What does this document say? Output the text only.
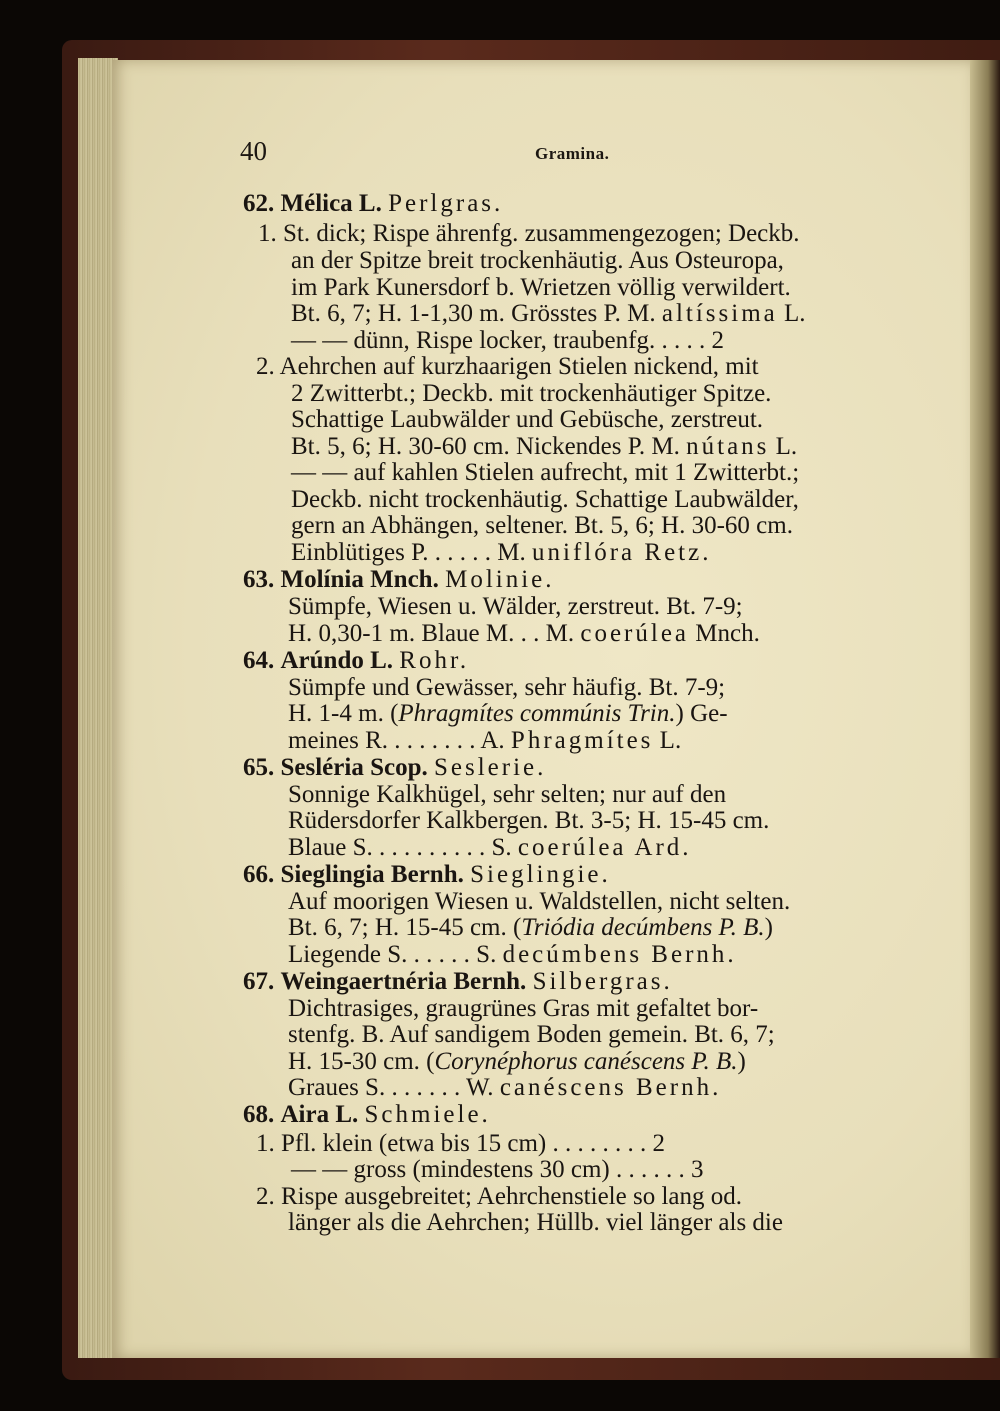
40	Gramina.
62. Mélica L. Perlgras.
1. St. dick; Rispe ährenfg. zusammengezogen; Deckb.
an der Spitze breit trockenhäutig. Aus Osteuropa,
im Park Kunersdorf b. Wrietzen völlig verwildert.
Bt. 6, 7; H. 1-1,30 m. Grösstes P. M. altíssima L.
— — dünn, Rispe locker, traubenfg. . . . . 2
2. Aehrchen auf kurzhaarigen Stielen nickend, mit
2 Zwitterbt.; Deckb. mit trockenhäutiger Spitze.
Schattige Laubwälder und Gebüsche, zerstreut.
Bt. 5, 6; H. 30-60 cm. Nickendes P. M. nútans L.
— — auf kahlen Stielen aufrecht, mit 1 Zwitterbt.;
Deckb. nicht trockenhäutig. Schattige Laubwälder,
gern an Abhängen, seltener. Bt. 5, 6; H. 30-60 cm.
Einblütiges P. . . . . . M. uniflóra Retz.
63. Molínia Mnch. Molinie.
Sümpfe, Wiesen u. Wälder, zerstreut. Bt. 7-9;
H. 0,30-1 m. Blaue M. . . M. coerúlea Mnch.
64. Arúndo L. Rohr.
Sümpfe und Gewässer, sehr häufig. Bt. 7-9;
H. 1-4 m. (Phragmítes commúnis Trin.) Ge-
meines R. . . . . . . . A. Phragmítes L.
65. Sesléria Scop. Seslerie.
Sonnige Kalkhügel, sehr selten; nur auf den
Rüdersdorfer Kalkbergen. Bt. 3-5; H. 15-45 cm.
Blaue S. . . . . . . . . . S. coerúlea Ard.
66. Sieglingia Bernh. Sieglingie.
Auf moorigen Wiesen u. Waldstellen, nicht selten.
Bt. 6, 7; H. 15-45 cm. (Triódia decúmbens P. B.)
Liegende S. . . . . . S. decúmbens Bernh.
67. Weingaertnéria Bernh. Silbergras.
Dichtrasiges, graugrünes Gras mit gefaltet bor-
stenfg. B. Auf sandigem Boden gemein. Bt. 6, 7;
H. 15-30 cm. (Corynéphorus canéscens P. B.)
Graues S. . . . . . . W. canéscens Bernh.
68. Aira L. Schmiele.
1. Pfl. klein (etwa bis 15 cm) . . . . . . . . 2
— — gross (mindestens 30 cm) . . . . . . 3
2. Rispe ausgebreitet; Aehrchenstiele so lang od.
länger als die Aehrchen; Hüllb. viel länger als die
